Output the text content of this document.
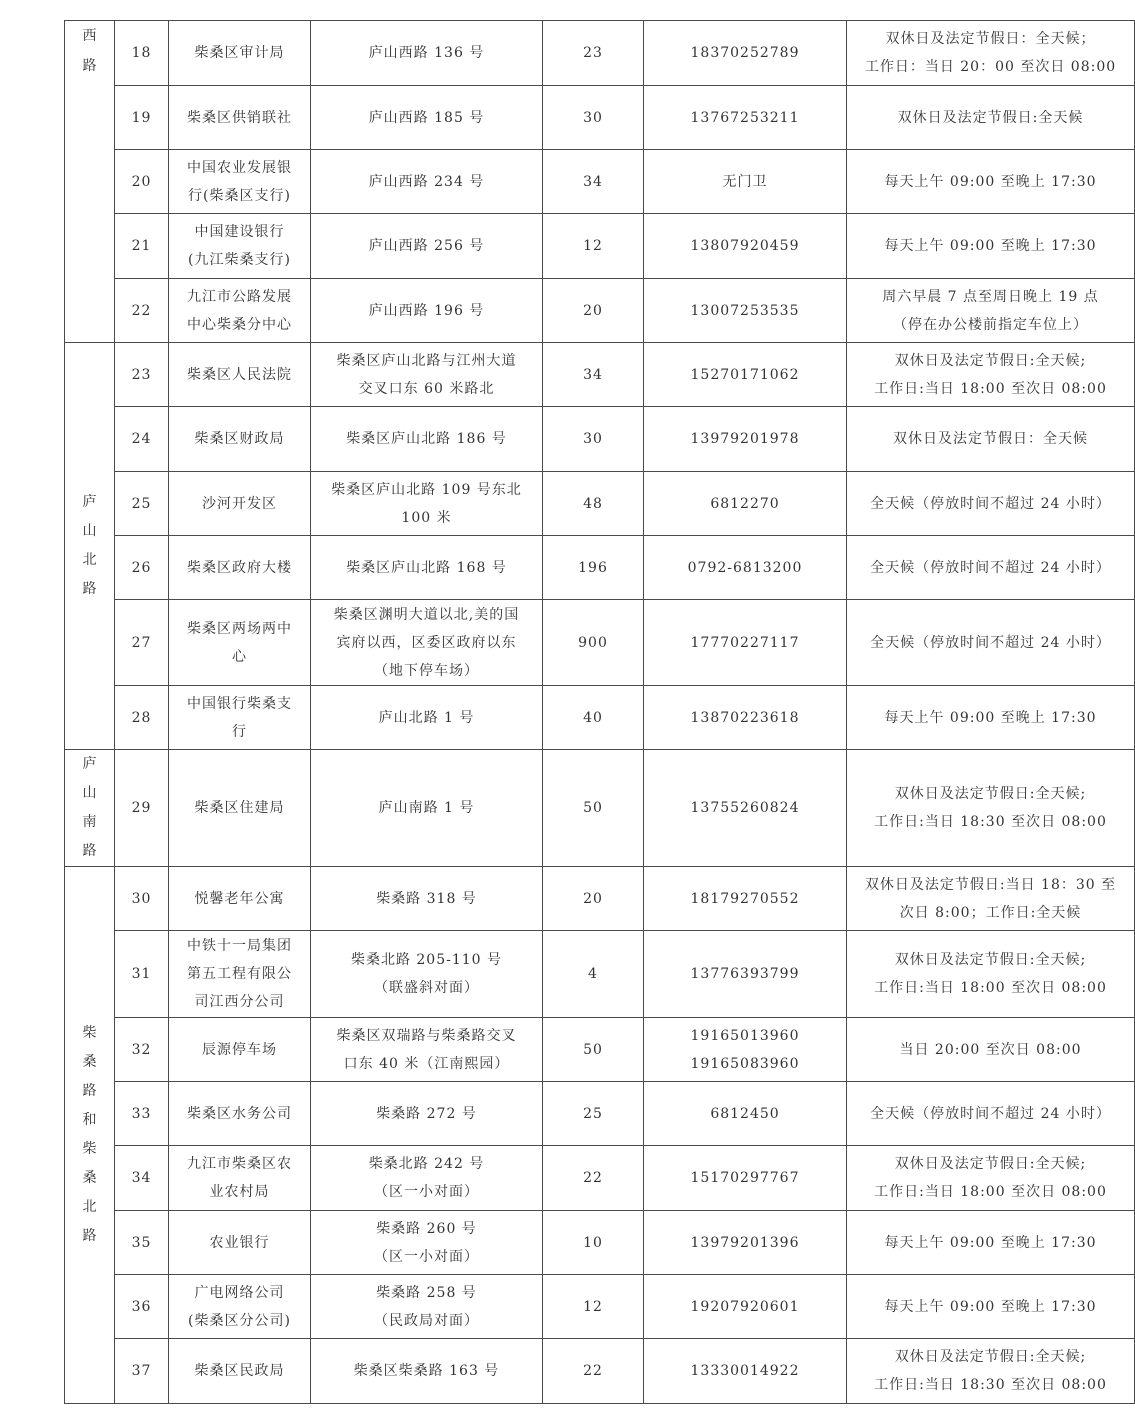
西路	18	柴桑区审计局	庐山西路 136 号	23	18370252789	双休日及法定节假日：全天候；
工作日：当日 20：00 至次日 08:00
	19	柴桑区供销联社	庐山西路 185 号	30	13767253211	双休日及法定节假日:全天候
	20	中国农业发展银
行(柴桑区支行)	庐山西路 234 号	34	无门卫	每天上午 09:00 至晚上 17:30
	21	中国建设银行
(九江柴桑支行)	庐山西路 256 号	12	13807920459	每天上午 09:00 至晚上 17:30
	22	九江市公路发展
中心柴桑分中心	庐山西路 196 号	20	13007253535	周六早晨 7 点至周日晚上 19 点
（停在办公楼前指定车位上）
庐山北路	23	柴桑区人民法院	柴桑区庐山北路与江州大道
交叉口东 60 米路北	34	15270171062	双休日及法定节假日:全天候;
工作日:当日 18:00 至次日 08:00
	24	柴桑区财政局	柴桑区庐山北路 186 号	30	13979201978	双休日及法定节假日：全天候
	25	沙河开发区	柴桑区庐山北路 109 号东北
100 米	48	6812270	全天候（停放时间不超过 24 小时）
	26	柴桑区政府大楼	柴桑区庐山北路 168 号	196	0792-6813200	全天候（停放时间不超过 24 小时）
	27	柴桑区两场两中
心	柴桑区渊明大道以北,美的国
宾府以西，区委区政府以东
（地下停车场）	900	17770227117	全天候（停放时间不超过 24 小时）
	28	中国银行柴桑支
行	庐山北路 1 号	40	13870223618	每天上午 09:00 至晚上 17:30
庐山南路	29	柴桑区住建局	庐山南路 1 号	50	13755260824	双休日及法定节假日:全天候;
工作日:当日 18:30 至次日 08:00
柴桑路和柴桑北路	30	悦馨老年公寓	柴桑路 318 号	20	18179270552	双休日及法定节假日:当日 18：30 至
次日 8:00；工作日:全天候
	31	中铁十一局集团
第五工程有限公
司江西分公司	柴桑北路 205-110 号
（联盛斜对面）	4	13776393799	双休日及法定节假日:全天候;
工作日:当日 18:00 至次日 08:00
	32	辰源停车场	柴桑区双瑞路与柴桑路交叉
口东 40 米（江南熙园）	50	19165013960
19165083960	当日 20:00 至次日 08:00
	33	柴桑区水务公司	柴桑路 272 号	25	6812450	全天候（停放时间不超过 24 小时）
	34	九江市柴桑区农
业农村局	柴桑北路 242 号
（区一小对面）	22	15170297767	双休日及法定节假日:全天候;
工作日:当日 18:00 至次日 08:00
	35	农业银行	柴桑路 260 号
（区一小对面）	10	13979201396	每天上午 09:00 至晚上 17:30
	36	广电网络公司
(柴桑区分公司)	柴桑路 258 号
（民政局对面）	12	19207920601	每天上午 09:00 至晚上 17:30
	37	柴桑区民政局	柴桑区柴桑路 163 号	22	13330014922	双休日及法定节假日:全天候;
工作日:当日 18:30 至次日 08:00
